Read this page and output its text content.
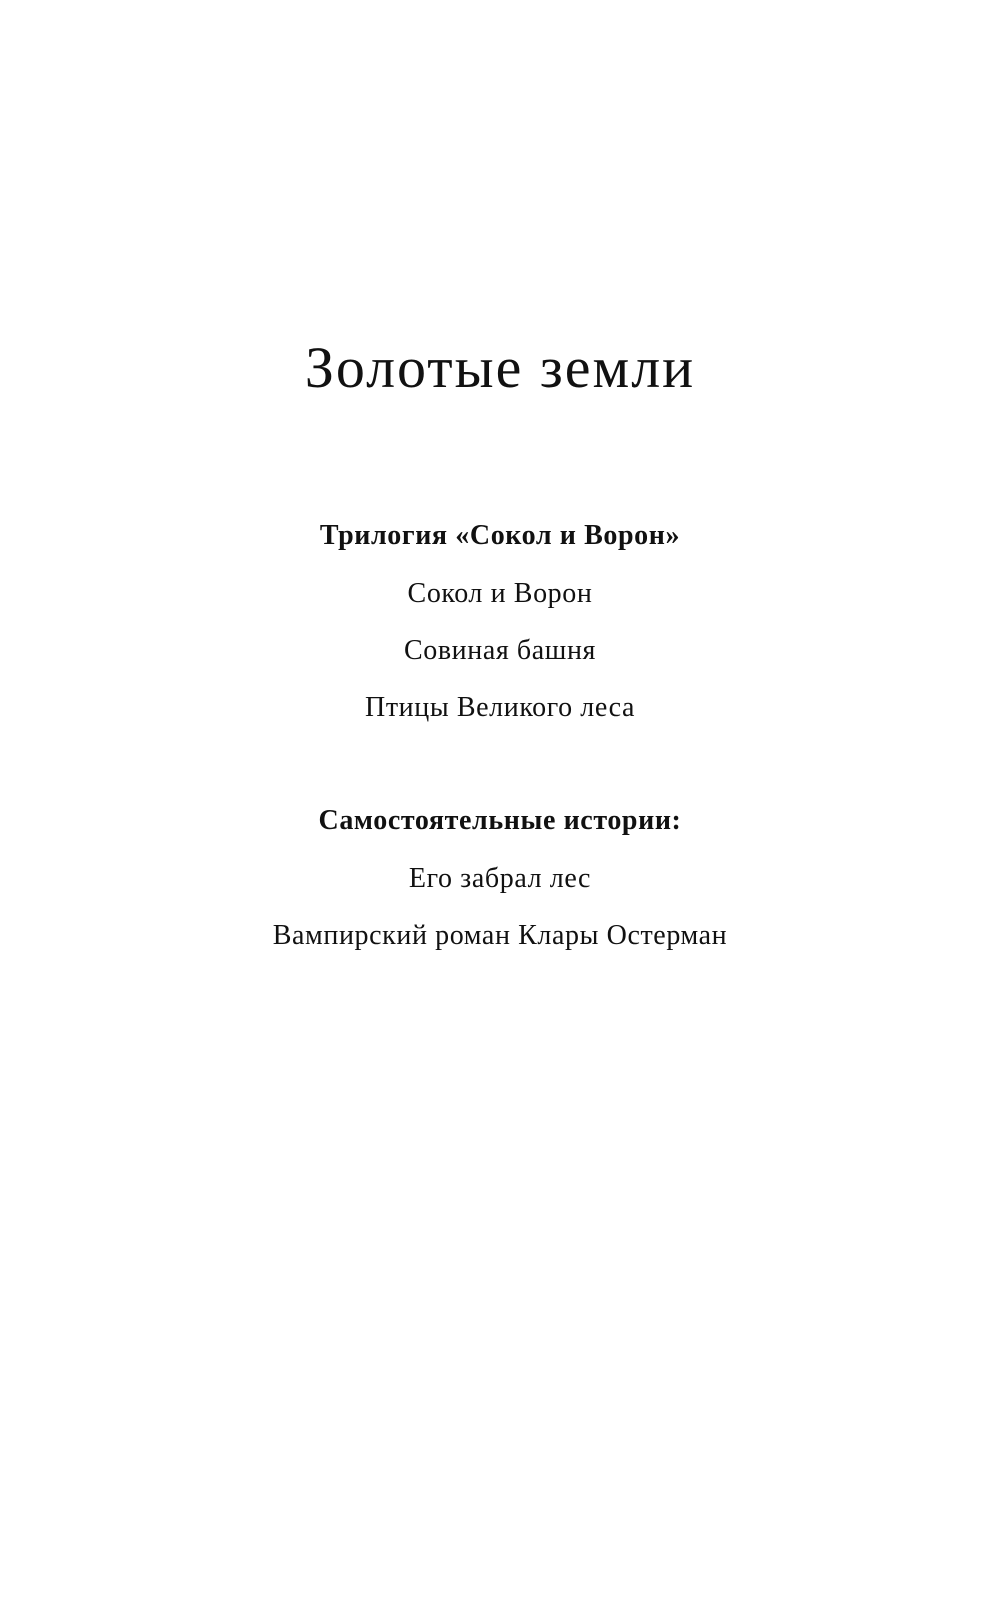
Золотые земли
Трилогия «Сокол и Ворон»
Сокол и Ворон
Совиная башня
Птицы Великого леса
Самостоятельные истории:
Его забрал лес
Вампирский роман Клары Остерман
